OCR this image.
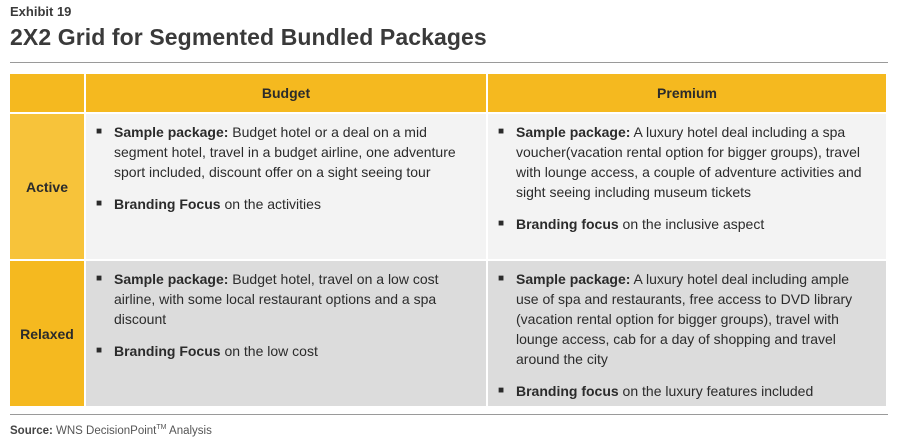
Exhibit 19
2X2 Grid for Segmented Bundled Packages
Budget	Premium
Active
■ Sample package: Budget hotel or a deal on a mid segment hotel, travel in a budget airline, one adventure sport included, discount offer on a sight seeing tour
■ Branding Focus on the activities
■ Sample package: A luxury hotel deal including a spa voucher(vacation rental option for bigger groups), travel with lounge access, a couple of adventure activities and sight seeing including museum tickets
■ Branding focus on the inclusive aspect
Relaxed
■ Sample package: Budget hotel, travel on a low cost airline, with some local restaurant options and a spa discount
■ Branding Focus on the low cost
■ Sample package: A luxury hotel deal including ample use of spa and restaurants, free access to DVD library (vacation rental option for bigger groups), travel with lounge access, cab for a day of shopping and travel around the city
■ Branding focus on the luxury features included
Source: WNS DecisionPoint™ Analysis
